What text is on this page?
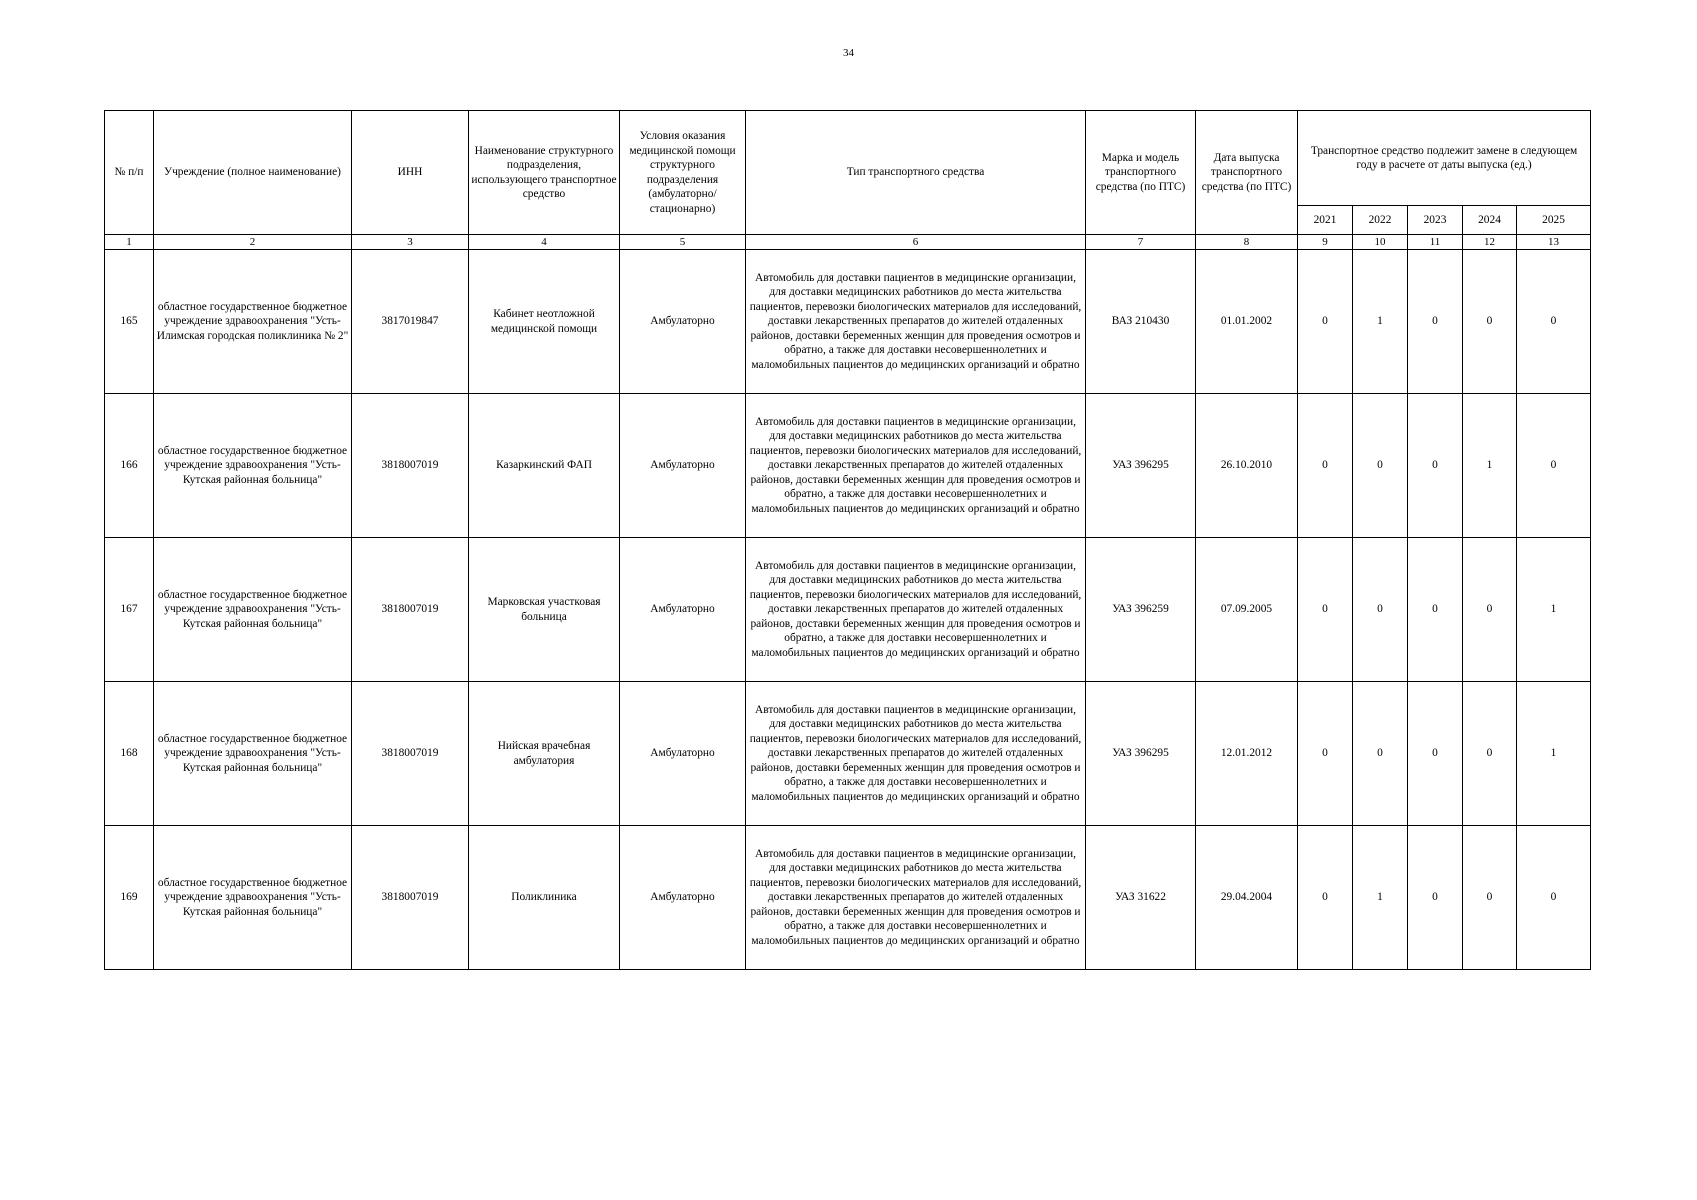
34
№ п/п	Учреждение (полное наименование)	ИНН	Наименование структурного подразделения, использующего транспортное средство	Условия оказания медицинской помощи структурного подразделения (амбулаторно/ стационарно)	Тип транспортного средства	Марка и модель транспортного средства (по ПТС)	Дата выпуска транспортного средства (по ПТС)	Транспортное средство подлежит замене в следующем году в расчете от даты выпуска (ед.)				
								2021	2022	2023	2024	2025
1	2	3	4	5	6	7	8	9	10	11	12	13
165	областное государственное бюджетное учреждение здравоохранения "Усть-Илимская городская поликлиника № 2"	3817019847	Кабинет неотложной медицинской помощи	Амбулаторно	Автомобиль для доставки пациентов в медицинские организации, для доставки медицинских работников до места жительства пациентов, перевозки биологических материалов для исследований, доставки лекарственных препаратов до жителей отдаленных районов, доставки беременных женщин для проведения осмотров и обратно, а также для доставки несовершеннолетних и маломобильных пациентов до медицинских организаций и обратно	ВАЗ 210430	01.01.2002	0	1	0	0	0
166	областное государственное бюджетное учреждение здравоохранения "Усть-Кутская районная больница"	3818007019	Казаркинский ФАП	Амбулаторно	Автомобиль для доставки пациентов в медицинские организации, для доставки медицинских работников до места жительства пациентов, перевозки биологических материалов для исследований, доставки лекарственных препаратов до жителей отдаленных районов, доставки беременных женщин для проведения осмотров и обратно, а также для доставки несовершеннолетних и маломобильных пациентов до медицинских организаций и обратно	УАЗ 396295	26.10.2010	0	0	0	1	0
167	областное государственное бюджетное учреждение здравоохранения "Усть-Кутская районная больница"	3818007019	Марковская участковая больница	Амбулаторно	Автомобиль для доставки пациентов в медицинские организации, для доставки медицинских работников до места жительства пациентов, перевозки биологических материалов для исследований, доставки лекарственных препаратов до жителей отдаленных районов, доставки беременных женщин для проведения осмотров и обратно, а также для доставки несовершеннолетних и маломобильных пациентов до медицинских организаций и обратно	УАЗ 396259	07.09.2005	0	0	0	0	1
168	областное государственное бюджетное учреждение здравоохранения "Усть-Кутская районная больница"	3818007019	Нийская врачебная амбулатория	Амбулаторно	Автомобиль для доставки пациентов в медицинские организации, для доставки медицинских работников до места жительства пациентов, перевозки биологических материалов для исследований, доставки лекарственных препаратов до жителей отдаленных районов, доставки беременных женщин для проведения осмотров и обратно, а также для доставки несовершеннолетних и маломобильных пациентов до медицинских организаций и обратно	УАЗ 396295	12.01.2012	0	0	0	0	1
169	областное государственное бюджетное учреждение здравоохранения "Усть-Кутская районная больница"	3818007019	Поликлиника	Амбулаторно	Автомобиль для доставки пациентов в медицинские организации, для доставки медицинских работников до места жительства пациентов, перевозки биологических материалов для исследований, доставки лекарственных препаратов до жителей отдаленных районов, доставки беременных женщин для проведения осмотров и обратно, а также для доставки несовершеннолетних и маломобильных пациентов до медицинских организаций и обратно	УАЗ 31622	29.04.2004	0	1	0	0	0
